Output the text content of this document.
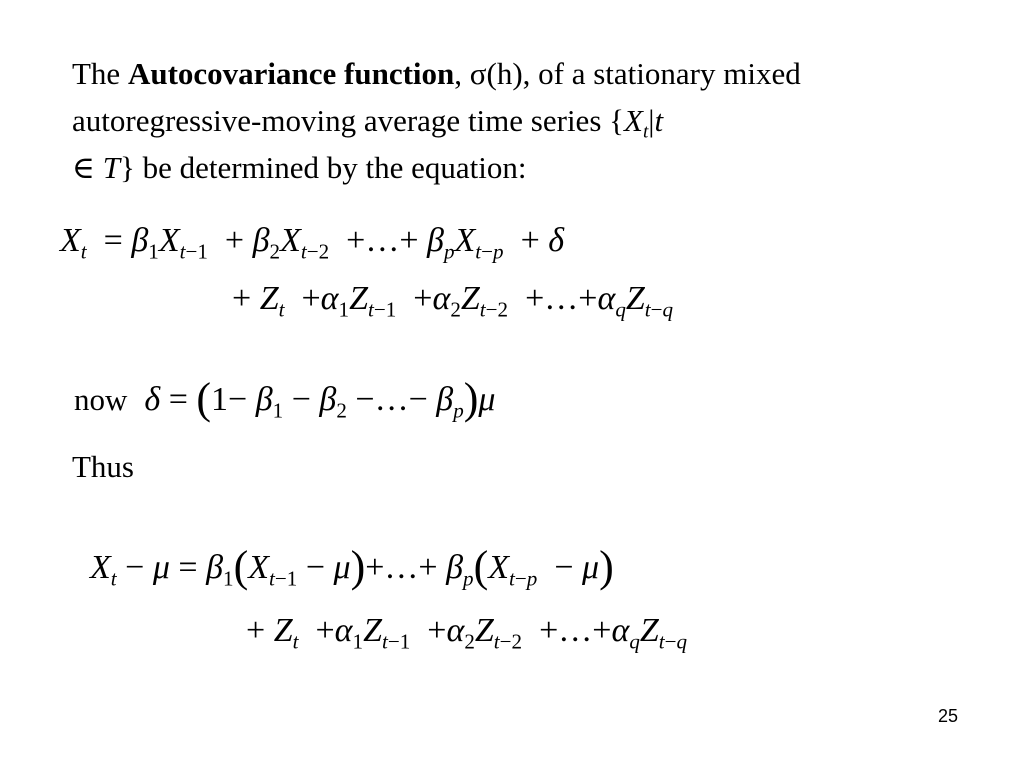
The Autocovariance function, σ(h), of a stationary mixed autoregressive-moving average time series {$X_t|t$
∈ T} be determined by the equation:
$X_t = \beta_1X_{t-1} + \beta_2X_{t-2}$  +…+ $\beta_pX_{t-p} + \delta$
+ $Z_t +\alpha_1Z_{t-1} +\alpha_2Z_{t-2}$  $+\dots+\alpha_qZ_{t-q}$
now $\delta = (1- \beta_1 - \beta_2$ −…− $\beta_p)\mu$
Thus
$X_t - \mu = \beta_1(X_{t-1}$ − μ)+…+ $\beta_p(X_{t-p} - \mu)$
+ $Z_t +\alpha_1Z_{t-1} +\alpha_2Z_{t-2}$  $+\dots+\alpha_qZ_{t-q}$
25
